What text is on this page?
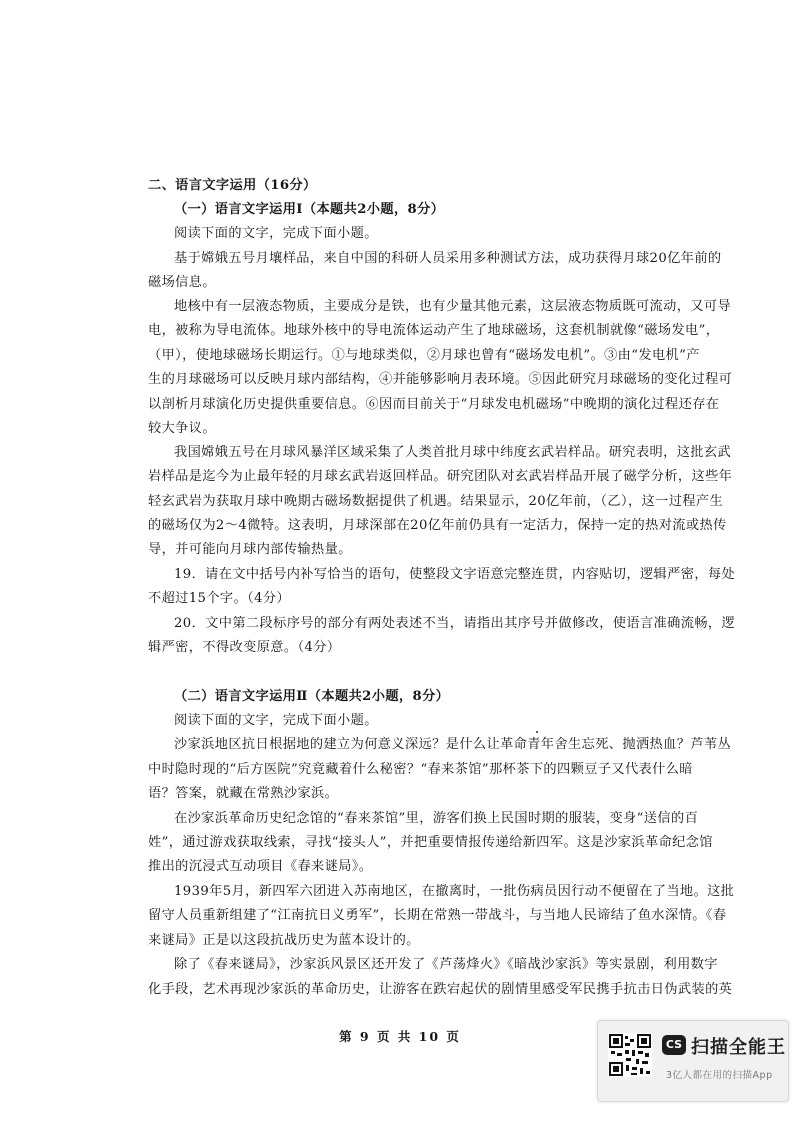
二、语言文字运用（16分）
（一）语言文字运用Ⅰ（本题共2小题，8分）
阅读下面的文字，完成下面小题。
基于嫦娥五号月壤样品，来自中国的科研人员采用多种测试方法，成功获得月球20亿年前的
磁场信息。
地核中有一层液态物质，主要成分是铁，也有少量其他元素，这层液态物质既可流动，又可导
电，被称为导电流体。地球外核中的导电流体运动产生了地球磁场，这套机制就像“磁场发电”，
（甲），使地球磁场长期运行。①与地球类似，②月球也曾有“磁场发电机”。③由“发电机”产
生的月球磁场可以反映月球内部结构，④并能够影响月表环境。⑤因此研究月球磁场的变化过程可
以剖析月球演化历史提供重要信息。⑥因而目前关于“月球发电机磁场”中晚期的演化过程还存在
较大争议。
我国嫦娥五号在月球风暴洋区域采集了人类首批月球中纬度玄武岩样品。研究表明，这批玄武
岩样品是迄今为止最年轻的月球玄武岩返回样品。研究团队对玄武岩样品开展了磁学分析，这些年
轻玄武岩为获取月球中晚期古磁场数据提供了机遇。结果显示，20亿年前，（乙），这一过程产生
的磁场仅为2～4微特。这表明，月球深部在20亿年前仍具有一定活力，保持一定的热对流或热传
导，并可能向月球内部传输热量。
19．请在文中括号内补写恰当的语句，使整段文字语意完整连贯，内容贴切，逻辑严密，每处
不超过15个字。（4分）
20．文中第二段标序号的部分有两处表述不当，请指出其序号并做修改，使语言准确流畅，逻
辑严密，不得改变原意。（4分）
（二）语言文字运用Ⅱ（本题共2小题，8分）
阅读下面的文字，完成下面小题。
沙家浜地区抗日根据地的建立为何意义深远？是什么让革命青年舍生忘死、抛洒热血？芦苇丛
中时隐时现的“后方医院”究竟藏着什么秘密？“春来茶馆”那杯茶下的四颗豆子又代表什么暗
语？答案，就藏在常熟沙家浜。
在沙家浜革命历史纪念馆的“春来茶馆”里，游客们换上民国时期的服装，变身“送信的百
姓”，通过游戏获取线索，寻找“接头人”，并把重要情报传递给新四军。这是沙家浜革命纪念馆
推出的沉浸式互动项目《春来谜局》。
1939年5月，新四军六团进入苏南地区，在撤离时，一批伤病员因行动不便留在了当地。这批
留守人员重新组建了“江南抗日义勇军”，长期在常熟一带战斗，与当地人民谛结了鱼水深情。《春
来谜局》正是以这段抗战历史为蓝本设计的。
除了《春来谜局》，沙家浜风景区还开发了《芦荡烽火》《暗战沙家浜》等实景剧，利用数字
化手段，艺术再现沙家浜的革命历史，让游客在跌宕起伏的剧情里感受军民携手抗击日伪武装的英
第 9 页 共 10 页
CS 扫描全能王
3亿人都在用的扫描App
